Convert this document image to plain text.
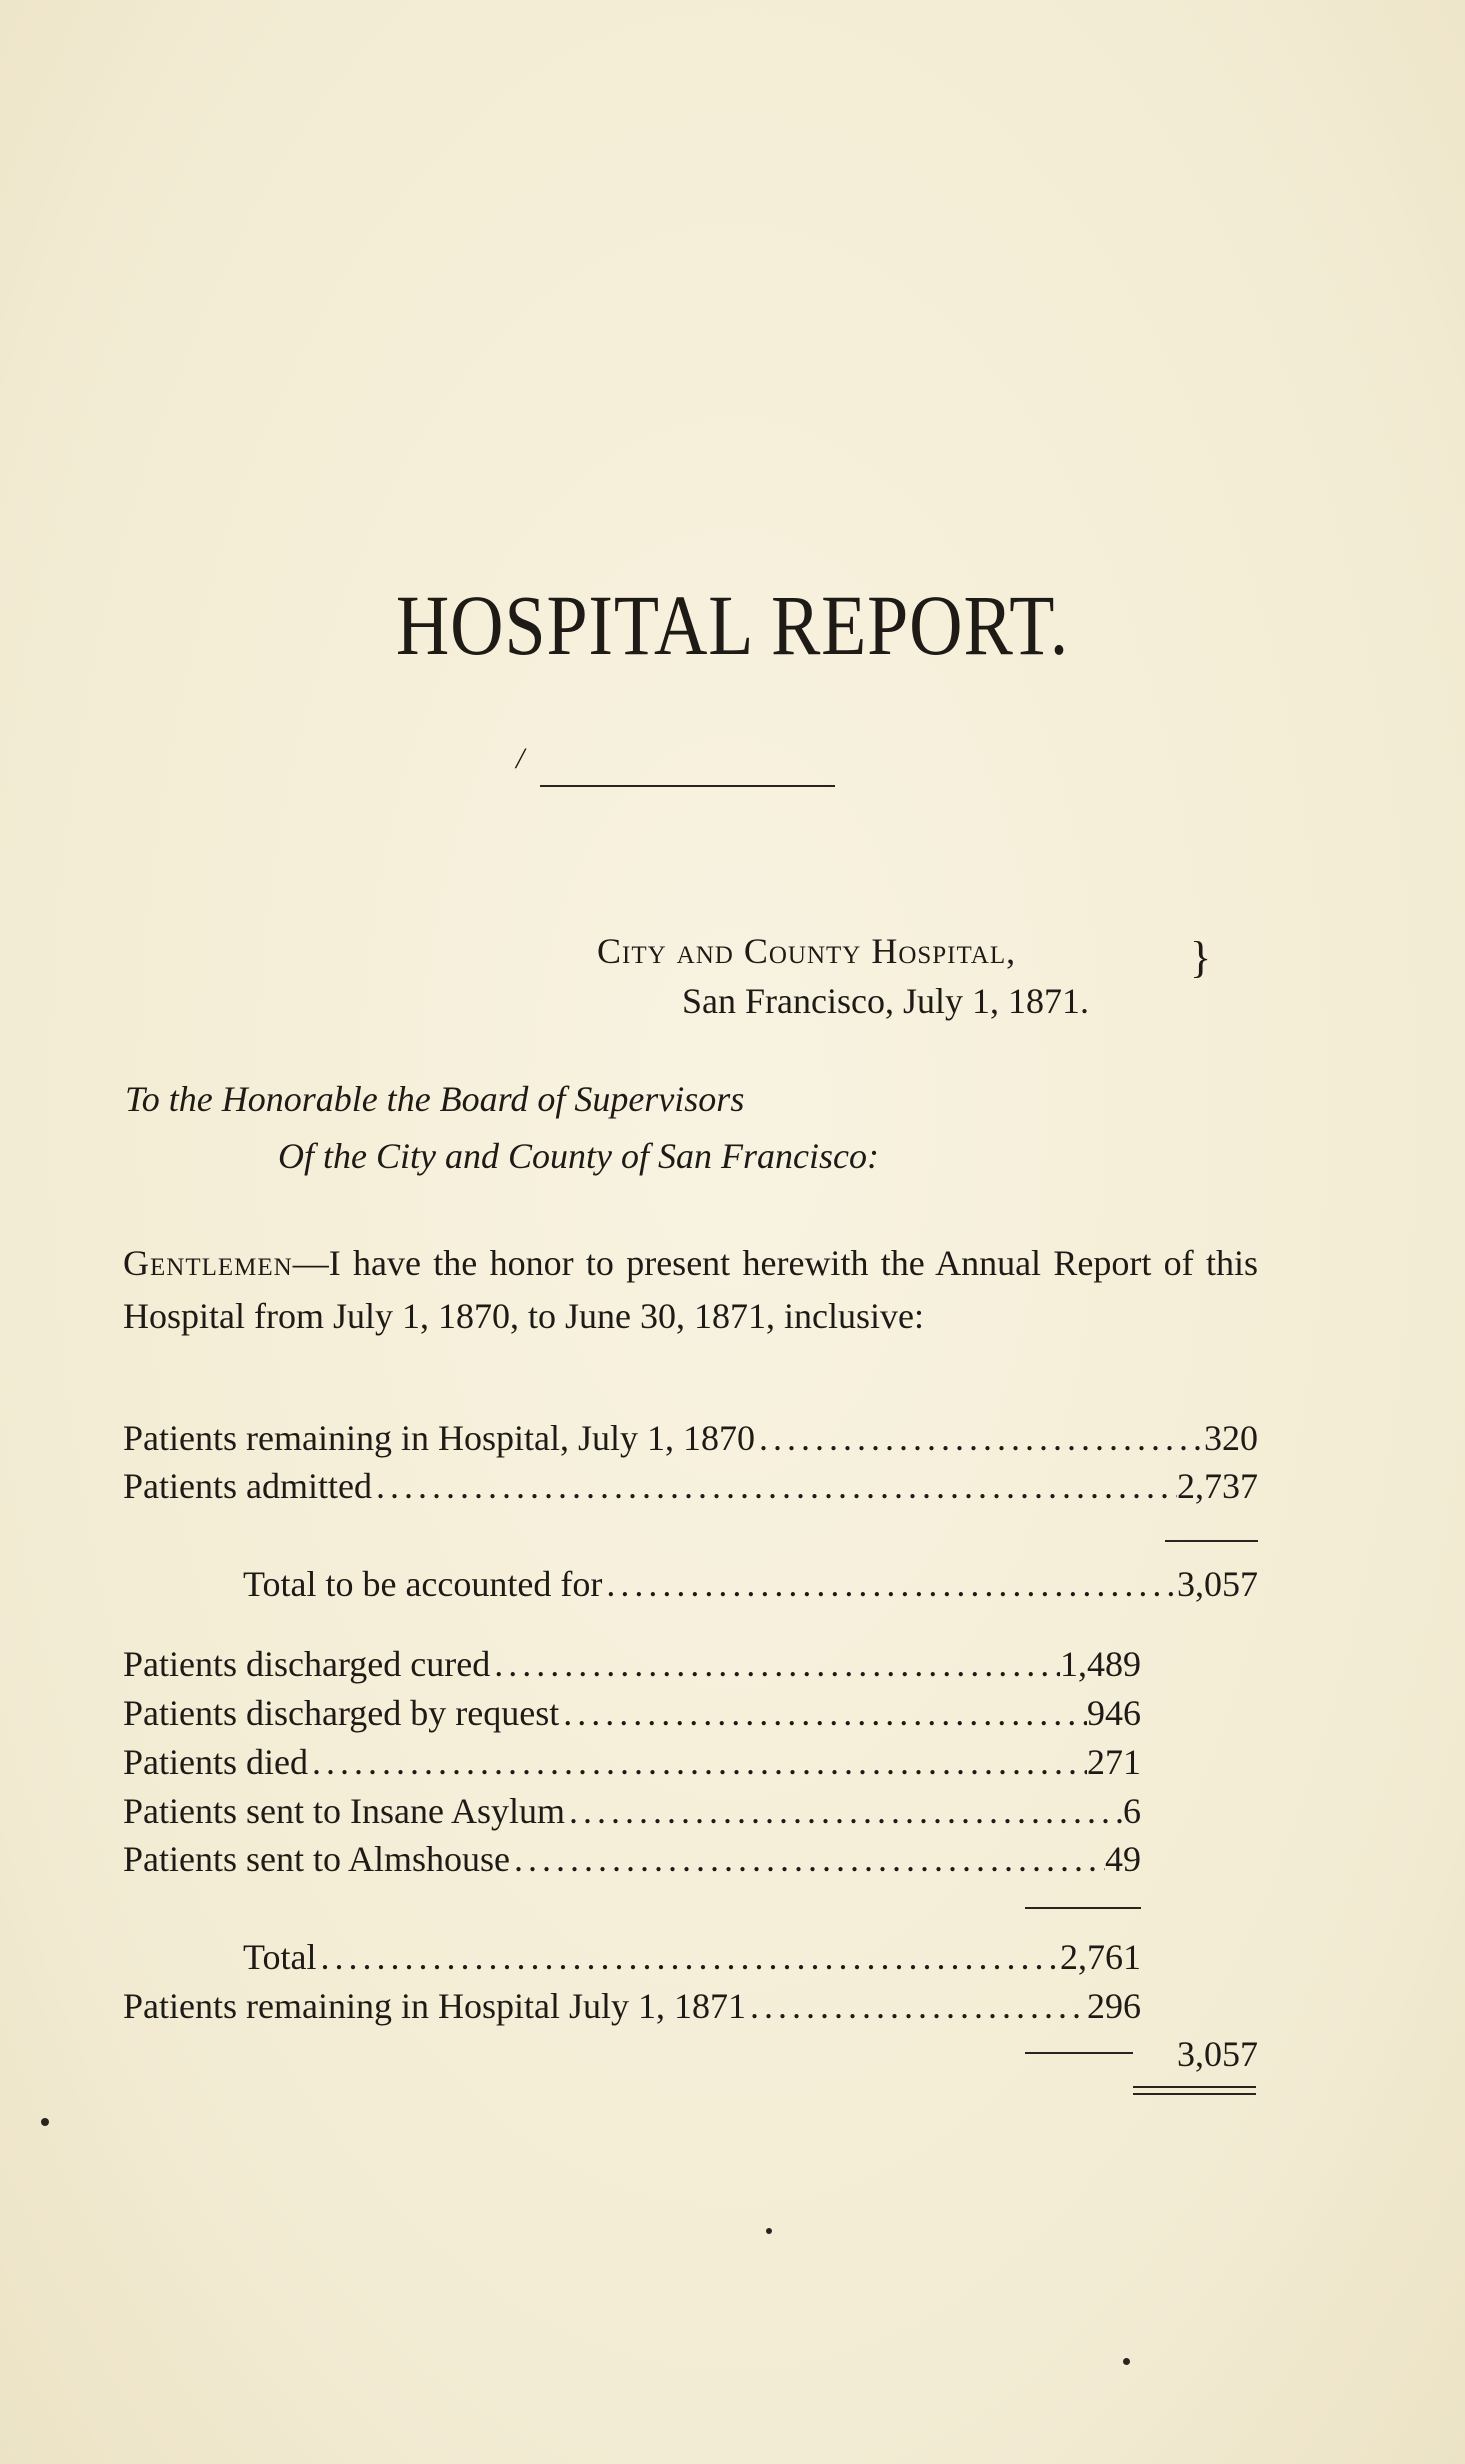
HOSPITAL REPORT.
/
City and County Hospital,
San Francisco, July 1, 1871.
}
To the Honorable the Board of Supervisors
Of the City and County of San Francisco:
Gentlemen—I have the honor to present herewith the Annual Report of this Hospital from July 1, 1870, to June 30, 1871, inclusive:
Patients remaining in Hospital, July 1, 1870 . . .	320
Patients admitted . . .	2,737
Total to be accounted for . . .	3,057
Patients discharged cured . . .	1,489
Patients discharged by request . . .	946
Patients died . . .	271
Patients sent to Insane Asylum . . .	6
Patients sent to Almshouse . . .	49
Total . . .	2,761
Patients remaining in Hospital July 1, 1871 . . .	296
3,057
